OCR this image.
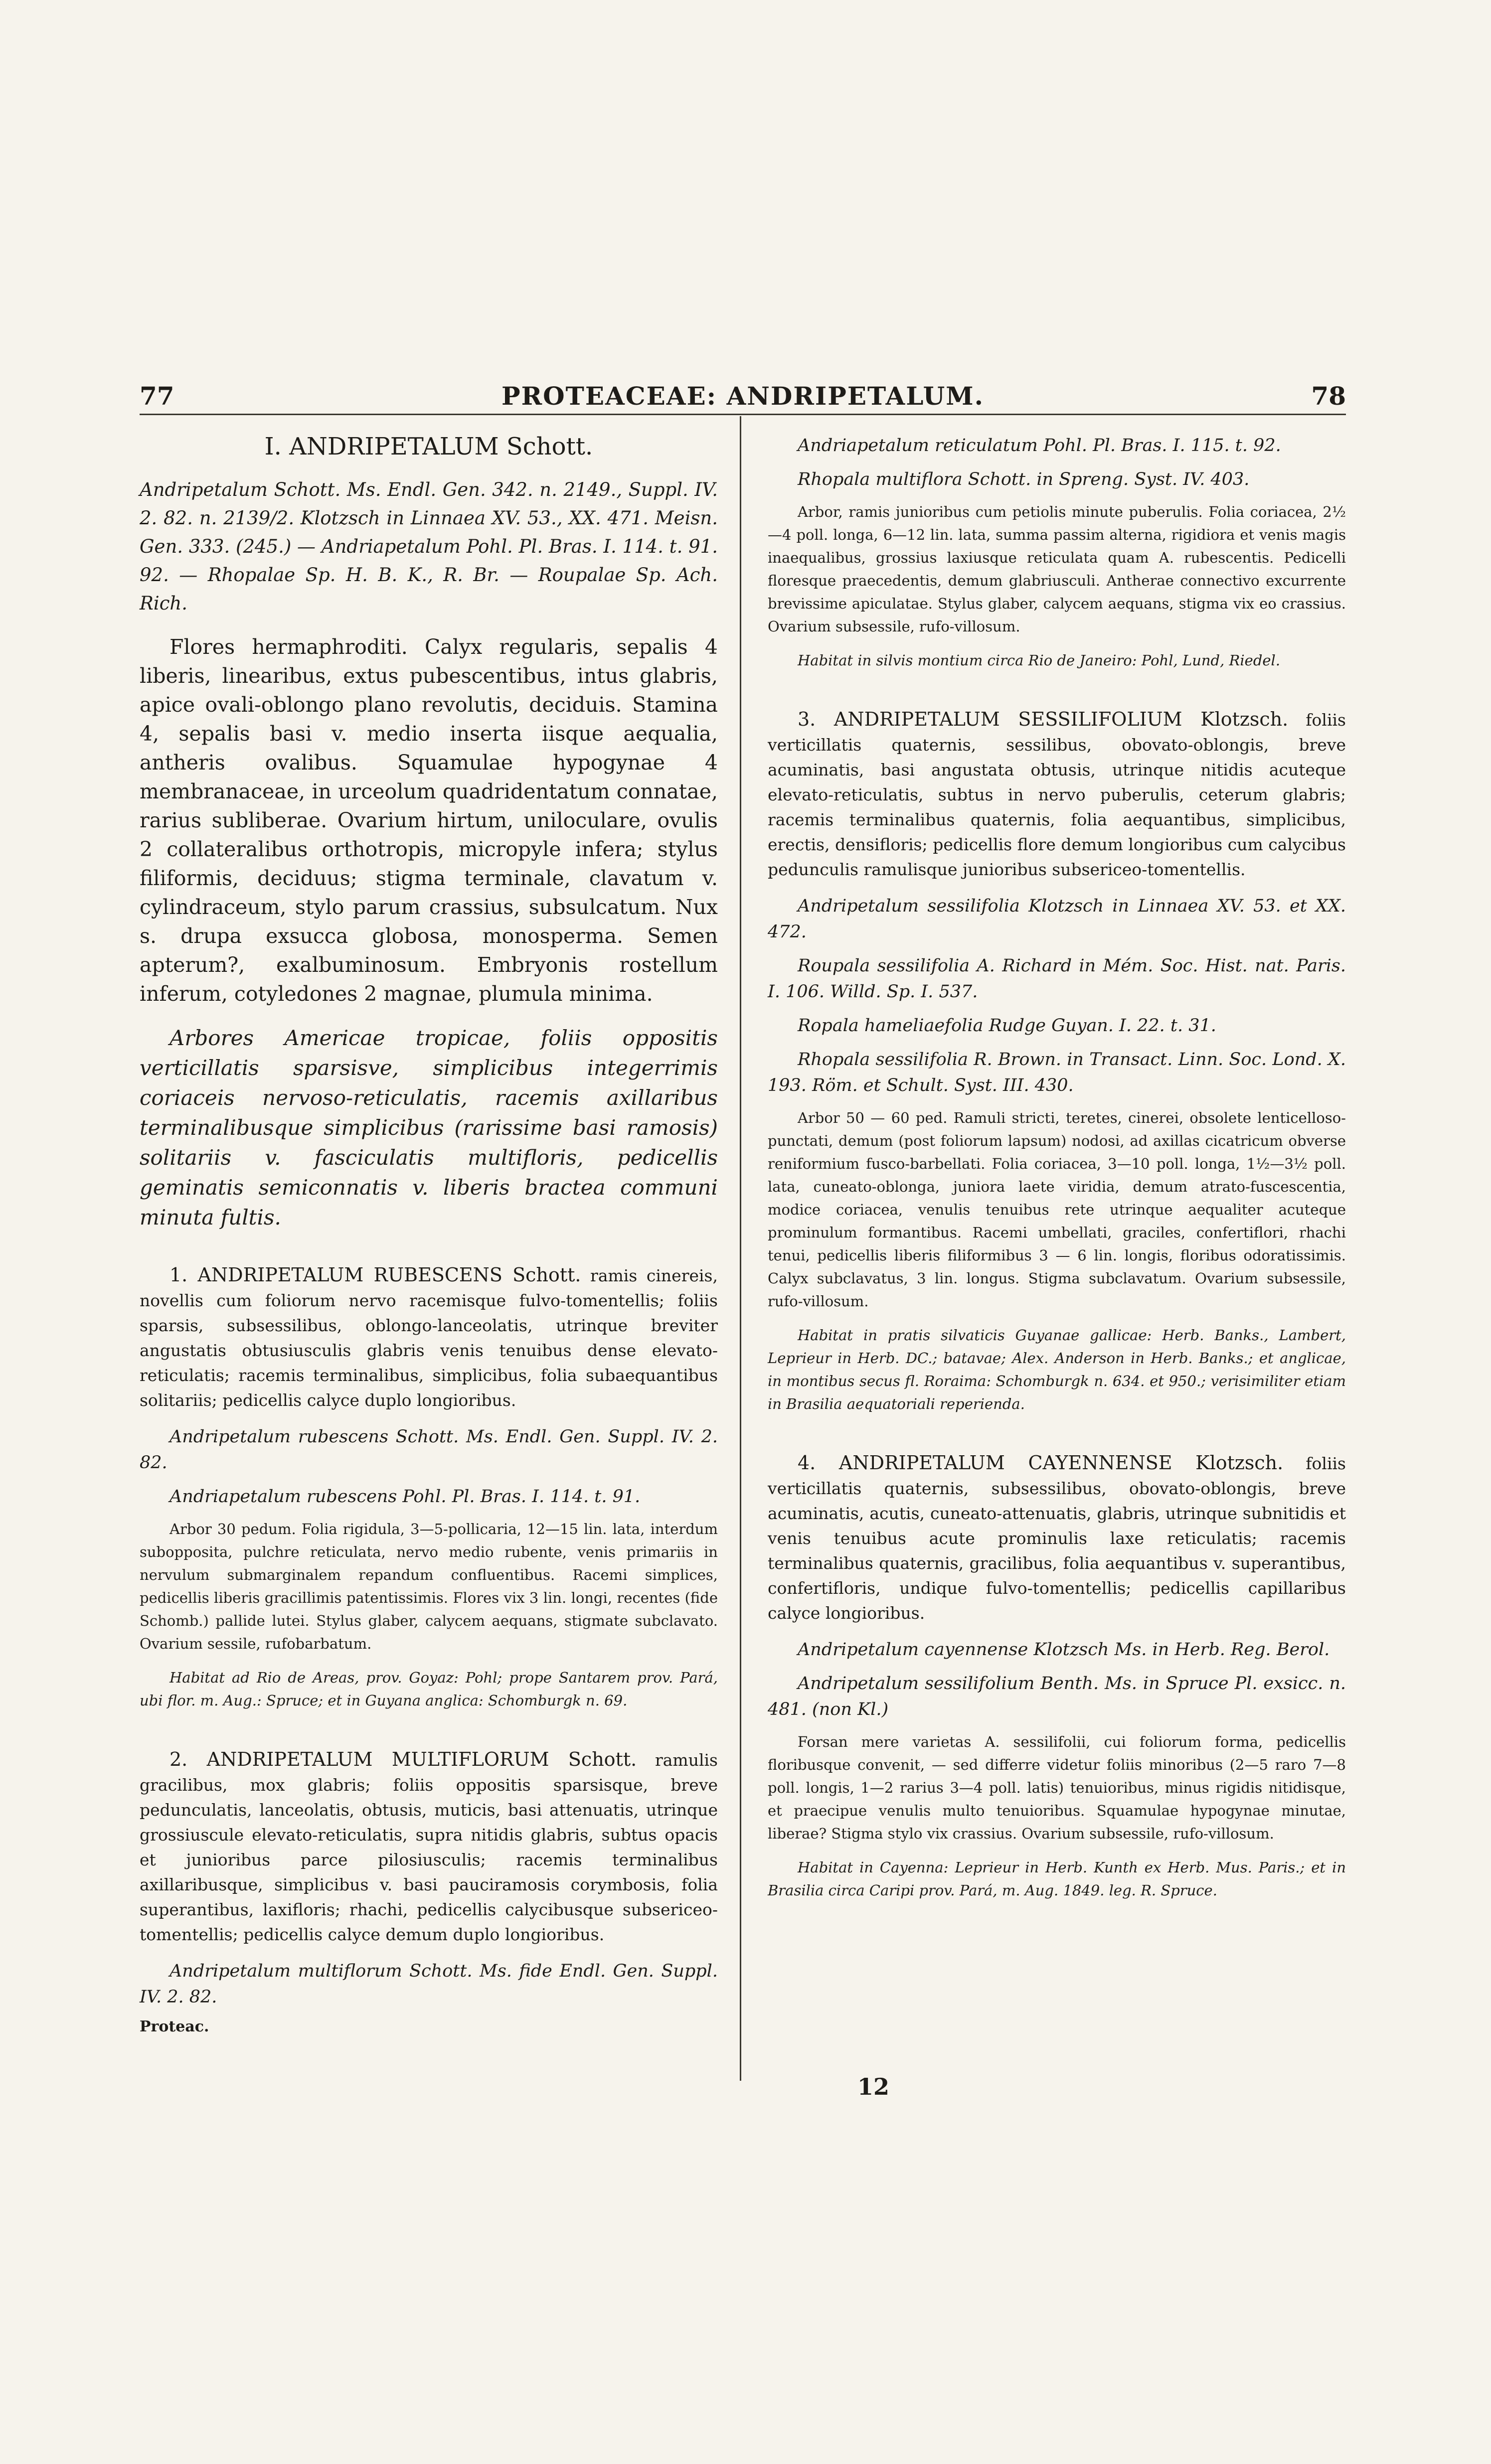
77	PROTEACEAE: ANDRIPETALUM.	78

I. ANDRIPETALUM Schott.

Andripetalum Schott. Ms. Endl. Gen. 342. n. 2149., Suppl. IV. 2. 82. n. 2139/2. Klotzsch in Linnaea XV. 53., XX. 471. Meisn. Gen. 333. (245.) — Andriapetalum Pohl. Pl. Bras. I. 114. t. 91. 92. — Rhopalae Sp. H. B. K., R. Br. — Roupalae Sp. Ach. Rich.

Flores hermaphroditi. Calyx regularis, sepalis 4 liberis, linearibus, extus pubescentibus, intus glabris, apice ovali-oblongo plano revolutis, deciduis. Stamina 4, sepalis basi v. medio inserta iisque aequalia, antheris ovalibus. Squamulae hypogynae 4 membranaceae, in urceolum quadridentatum connatae, rarius subliberae. Ovarium hirtum, uniloculare, ovulis 2 collateralibus orthotropis, micropyle infera; stylus filiformis, deciduus; stigma terminale, clavatum v. cylindraceum, stylo parum crassius, subsulcatum. Nux s. drupa exsucca globosa, monosperma. Semen apterum?, exalbuminosum. Embryonis rostellum inferum, cotyledones 2 magnae, plumula minima.

Arbores Americae tropicae, foliis oppositis verticillatis sparsisve, simplicibus integerrimis coriaceis nervoso-reticulatis, racemis axillaribus terminalibusque simplicibus (rarissime basi ramosis) solitariis v. fasciculatis multifloris, pedicellis geminatis semiconnatis v. liberis bractea communi minuta fultis.

1. ANDRIPETALUM RUBESCENS Schott. ramis cinereis, novellis cum foliorum nervo racemisque fulvo-tomentellis; foliis sparsis, subsessilibus, oblongo-lanceolatis, utrinque breviter angustatis obtusiusculis glabris venis tenuibus dense elevato-reticulatis; racemis terminalibus, simplicibus, folia subaequantibus solitariis; pedicellis calyce duplo longioribus.

Andripetalum rubescens Schott. Ms. Endl. Gen. Suppl. IV. 2. 82.

Andriapetalum rubescens Pohl. Pl. Bras. I. 114. t. 91.

Arbor 30 pedum. Folia rigidula, 3—5-pollicaria, 12—15 lin. lata, interdum subopposita, pulchre reticulata, nervo medio rubente, venis primariis in nervulum submarginalem repandum confluentibus. Racemi simplices, pedicellis liberis gracillimis patentissimis. Flores vix 3 lin. longi, recentes (fide Schomb.) pallide lutei. Stylus glaber, calycem aequans, stigmate subclavato. Ovarium sessile, rufobarbatum.

Habitat ad Rio de Areas, prov. Goyaz: Pohl; prope Santarem prov. Pará, ubi flor. m. Aug.: Spruce; et in Guyana anglica: Schomburgk n. 69.

2. ANDRIPETALUM MULTIFLORUM Schott. ramulis gracilibus, mox glabris; foliis oppositis sparsisque, breve pedunculatis, lanceolatis, obtusis, muticis, basi attenuatis, utrinque grossiuscule elevato-reticulatis, supra nitidis glabris, subtus opacis et junioribus parce pilosiusculis; racemis terminalibus axillaribusque, simplicibus v. basi pauciramosis corymbosis, folia superantibus, laxifloris; rhachi, pedicellis calycibusque subsericeo-tomentellis; pedicellis calyce demum duplo longioribus.

Andripetalum multiflorum Schott. Ms. fide Endl. Gen. Suppl. IV. 2. 82.

Proteac.

Andriapetalum reticulatum Pohl. Pl. Bras. I. 115. t. 92.

Rhopala multiflora Schott. in Spreng. Syst. IV. 403.

Arbor, ramis junioribus cum petiolis minute puberulis. Folia coriacea, 2½—4 poll. longa, 6—12 lin. lata, summa passim alterna, rigidiora et venis magis inaequalibus, grossius laxiusque reticulata quam A. rubescentis. Pedicelli floresque praecedentis, demum glabriusculi. Antherae connectivo excurrente brevissime apiculatae. Stylus glaber, calycem aequans, stigma vix eo crassius. Ovarium subsessile, rufo-villosum.

Habitat in silvis montium circa Rio de Janeiro: Pohl, Lund, Riedel.

3. ANDRIPETALUM SESSILIFOLIUM Klotzsch. foliis verticillatis quaternis, sessilibus, obovato-oblongis, breve acuminatis, basi angustata obtusis, utrinque nitidis acuteque elevato-reticulatis, subtus in nervo puberulis, ceterum glabris; racemis terminalibus quaternis, folia aequantibus, simplicibus, erectis, densifloris; pedicellis flore demum longioribus cum calycibus pedunculis ramulisque junioribus subsericeo-tomentellis.

Andripetalum sessilifolia Klotzsch in Linnaea XV. 53. et XX. 472.

Roupala sessilifolia A. Richard in Mém. Soc. Hist. nat. Paris. I. 106. Willd. Sp. I. 537.

Ropala hameliaefolia Rudge Guyan. I. 22. t. 31.

Rhopala sessilifolia R. Brown. in Transact. Linn. Soc. Lond. X. 193. Röm. et Schult. Syst. III. 430.

Arbor 50 — 60 ped. Ramuli stricti, teretes, cinerei, obsolete lenticelloso-punctati, demum (post foliorum lapsum) nodosi, ad axillas cicatricum obverse reniformium fusco-barbellati. Folia coriacea, 3—10 poll. longa, 1½—3½ poll. lata, cuneato-oblonga, juniora laete viridia, demum atrato-fuscescentia, modice coriacea, venulis tenuibus rete utrinque aequaliter acuteque prominulum formantibus. Racemi umbellati, graciles, confertiflori, rhachi tenui, pedicellis liberis filiformibus 3 — 6 lin. longis, floribus odoratissimis. Calyx subclavatus, 3 lin. longus. Stigma subclavatum. Ovarium subsessile, rufo-villosum.

Habitat in pratis silvaticis Guyanae gallicae: Herb. Banks., Lambert, Leprieur in Herb. DC.; batavae; Alex. Anderson in Herb. Banks.; et anglicae, in montibus secus fl. Roraima: Schomburgk n. 634. et 950.; verisimiliter etiam in Brasilia aequatoriali reperienda.

4. ANDRIPETALUM CAYENNENSE Klotzsch. foliis verticillatis quaternis, subsessilibus, obovato-oblongis, breve acuminatis, acutis, cuneato-attenuatis, glabris, utrinque subnitidis et venis tenuibus acute prominulis laxe reticulatis; racemis terminalibus quaternis, gracilibus, folia aequantibus v. superantibus, confertifloris, undique fulvo-tomentellis; pedicellis capillaribus calyce longioribus.

Andripetalum cayennense Klotzsch Ms. in Herb. Reg. Berol.

Andripetalum sessilifolium Benth. Ms. in Spruce Pl. exsicc. n. 481. (non Kl.)

Forsan mere varietas A. sessilifolii, cui foliorum forma, pedicellis floribusque convenit, — sed differre videtur foliis minoribus (2—5 raro 7—8 poll. longis, 1—2 rarius 3—4 poll. latis) tenuioribus, minus rigidis nitidisque, et praecipue venulis multo tenuioribus. Squamulae hypogynae minutae, liberae? Stigma stylo vix crassius. Ovarium subsessile, rufo-villosum.

Habitat in Cayenna: Leprieur in Herb. Kunth ex Herb. Mus. Paris.; et in Brasilia circa Caripi prov. Pará, m. Aug. 1849. leg. R. Spruce.

12
